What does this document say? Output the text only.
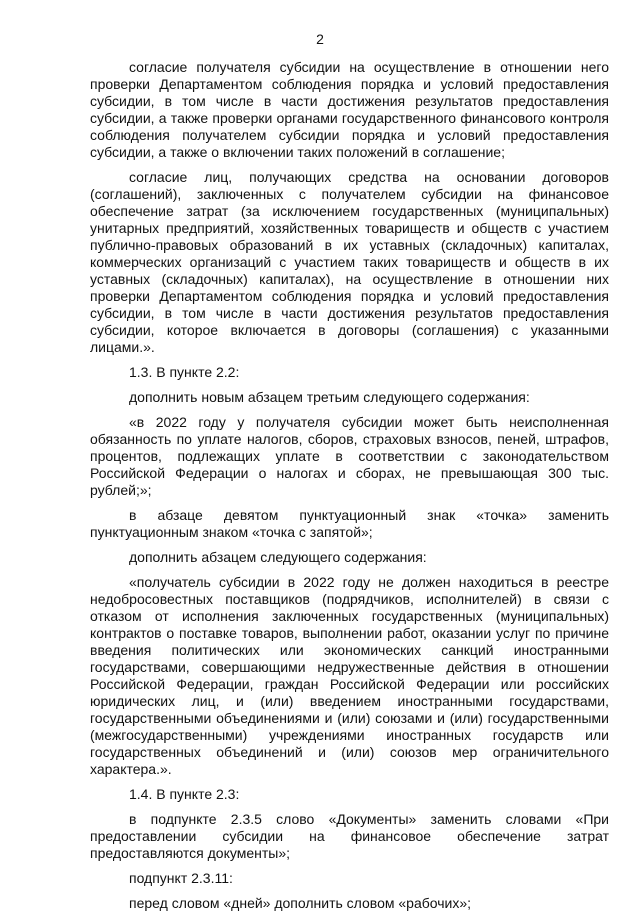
2

согласие получателя субсидии на осуществление в отношении него проверки Департаментом соблюдения порядка и условий предоставления субсидии, в том числе в части достижения результатов предоставления субсидии, а также проверки органами государственного финансового контроля соблюдения получателем субсидии порядка и условий предоставления субсидии, а также о включении таких положений в соглашение;

согласие лиц, получающих средства на основании договоров (соглашений), заключенных с получателем субсидии на финансовое обеспечение затрат (за исключением государственных (муниципальных) унитарных предприятий, хозяйственных товариществ и обществ с участием публично-правовых образований в их уставных (складочных) капиталах, коммерческих организаций с участием таких товариществ и обществ в их уставных (складочных) капиталах), на осуществление в отношении них проверки Департаментом соблюдения порядка и условий предоставления субсидии, в том числе в части достижения результатов предоставления субсидии, которое включается в договоры (соглашения) с указанными лицами.».

1.3. В пункте 2.2:

дополнить новым абзацем третьим следующего содержания:

«в 2022 году у получателя субсидии может быть неисполненная обязанность по уплате налогов, сборов, страховых взносов, пеней, штрафов, процентов, подлежащих уплате в соответствии с законодательством Российской Федерации о налогах и сборах, не превышающая 300 тыс. рублей;»;

в абзаце девятом пунктуационный знак «точка» заменить пунктуационным знаком «точка с запятой»;

дополнить абзацем следующего содержания:

«получатель субсидии в 2022 году не должен находиться в реестре недобросовестных поставщиков (подрядчиков, исполнителей) в связи с отказом от исполнения заключенных государственных (муниципальных) контрактов о поставке товаров, выполнении работ, оказании услуг по причине введения политических или экономических санкций иностранными государствами, совершающими недружественные действия в отношении Российской Федерации, граждан Российской Федерации или российских юридических лиц, и (или) введением иностранными государствами, государственными объединениями и (или) союзами и (или) государственными (межгосударственными) учреждениями иностранных государств или государственных объединений и (или) союзов мер ограничительного характера.».

1.4. В пункте 2.3:

в подпункте 2.3.5 слово «Документы» заменить словами «При предоставлении субсидии на финансовое обеспечение затрат предоставляются документы»;

подпункт 2.3.11:

перед словом «дней» дополнить словом «рабочих»;
